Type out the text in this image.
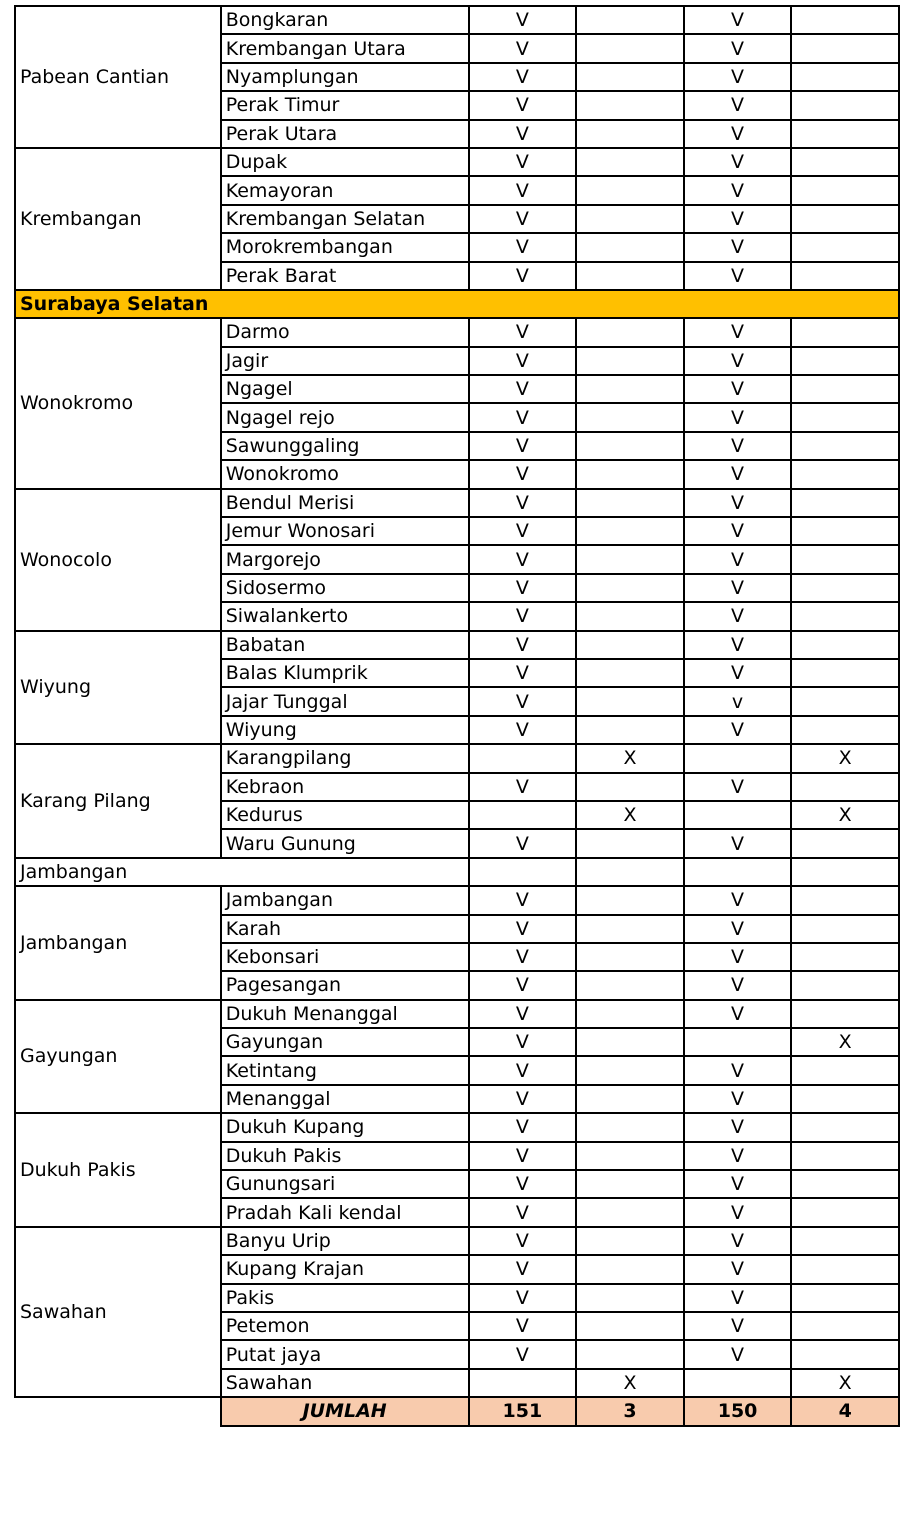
Pabean Cantian	Bongkaran	V		V	
	Krembangan Utara	V		V	
	Nyamplungan	V		V	
	Perak Timur	V		V	
	Perak Utara	V		V	
Krembangan	Dupak	V		V	
	Kemayoran	V		V	
	Krembangan Selatan	V		V	
	Morokrembangan	V		V	
	Perak Barat	V		V	
Surabaya Selatan					
Wonokromo	Darmo	V		V	
	Jagir	V		V	
	Ngagel	V		V	
	Ngagel rejo	V		V	
	Sawunggaling	V		V	
	Wonokromo	V		V	
Wonocolo	Bendul Merisi	V		V	
	Jemur Wonosari	V		V	
	Margorejo	V		V	
	Sidosermo	V		V	
	Siwalankerto	V		V	
Wiyung	Babatan	V		V	
	Balas Klumprik	V		V	
	Jajar Tunggal	V		v	
	Wiyung	V		V	
Karang Pilang	Karangpilang		X		X
	Kebraon	V		V	
	Kedurus		X		X
	Waru Gunung	V		V	
Jambangan					
Jambangan	Jambangan	V		V	
	Karah	V		V	
	Kebonsari	V		V	
	Pagesangan	V		V	
Gayungan	Dukuh Menanggal	V		V	
	Gayungan	V			X
	Ketintang	V		V	
	Menanggal	V		V	
Dukuh Pakis	Dukuh Kupang	V		V	
	Dukuh Pakis	V		V	
	Gunungsari	V		V	
	Pradah Kali kendal	V		V	
Sawahan	Banyu Urip	V		V	
	Kupang Krajan	V		V	
	Pakis	V		V	
	Petemon	V		V	
	Putat jaya	V		V	
	Sawahan		X		X
	JUMLAH	151	3	150	4
